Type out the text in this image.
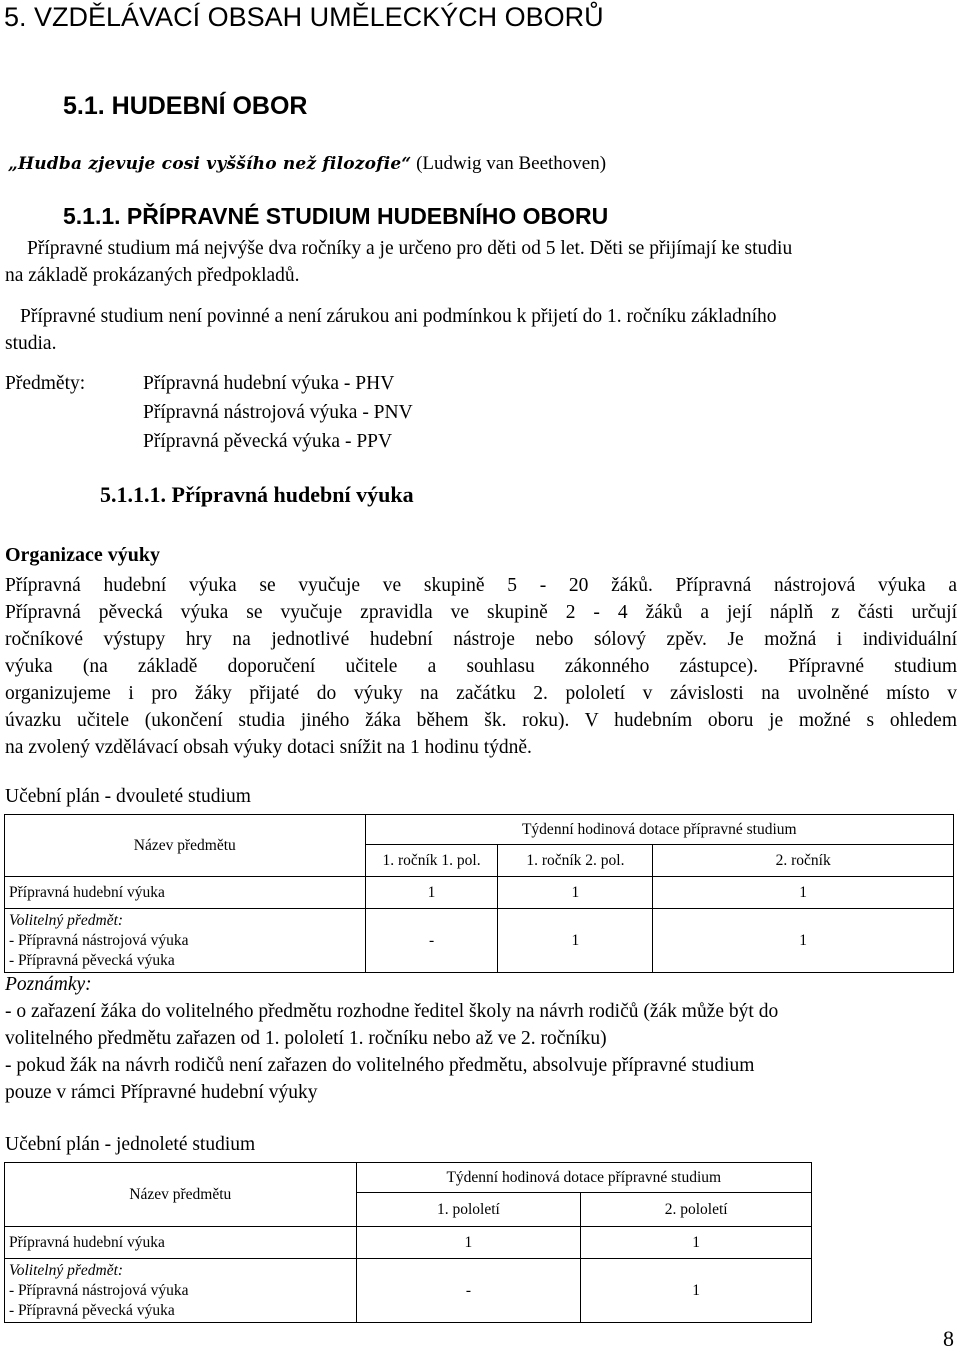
5. VZDĚLÁVACÍ OBSAH UMĚLECKÝCH OBORŮ
5.1. HUDEBNÍ OBOR
„Hudba zjevuje cosi vyššího než filozofie“ (Ludwig van Beethoven)
5.1.1. PŘÍPRAVNÉ STUDIUM HUDEBNÍHO OBORU
Přípravné studium má nejvýše dva ročníky a je určeno pro děti od 5 let. Děti se přijímají ke studiu
na základě prokázaných předpokladů.
Přípravné studium není povinné a není zárukou ani podmínkou k přijetí do 1. ročníku základního
studia.
Předměty:	Přípravná hudební výuka - PHV
Přípravná nástrojová výuka - PNV
Přípravná pěvecká výuka - PPV
5.1.1.1. Přípravná hudební výuka
Organizace výuky
Přípravná hudební výuka se vyučuje ve skupině 5 - 20 žáků. Přípravná nástrojová výuka a
Přípravná pěvecká výuka se vyučuje zpravidla ve skupině 2 - 4 žáků a její náplň z části určují
ročníkové výstupy hry na jednotlivé hudební nástroje nebo sólový zpěv. Je možná i individuální
výuka (na základě doporučení učitele a souhlasu zákonného zástupce). Přípravné studium
organizujeme i pro žáky přijaté do výuky na začátku 2. pololetí v závislosti na uvolněné místo v
úvazku učitele (ukončení studia jiného žáka během šk. roku). V hudebním oboru je možné s ohledem
na zvolený vzdělávací obsah výuky dotaci snížit na 1 hodinu týdně.
Učební plán - dvouleté studium
Název předmětu	Týdenní hodinová dotace přípravné studium		
	1. ročník 1. pol.	1. ročník 2. pol.	2. ročník
Přípravná hudební výuka	1	1	1

Volitelný předmět:
- Přípravná nástrojová výuka
- Přípravná pěvecká výuka	-	1	1
Poznámky:
- o zařazení žáka do volitelného předmětu rozhodne ředitel školy na návrh rodičů (žák může být do
volitelného předmětu zařazen od 1. pololetí 1. ročníku nebo až ve 2. ročníku)
- pokud žák na návrh rodičů není zařazen do volitelného předmětu, absolvuje přípravné studium
pouze v rámci Přípravné hudební výuky
Učební plán - jednoleté studium
Název předmětu	Týdenní hodinová dotace přípravné studium	
	1. pololetí	2. pololetí
Přípravná hudební výuka	1	1

Volitelný předmět:
- Přípravná nástrojová výuka
- Přípravná pěvecká výuka	-	1
8
